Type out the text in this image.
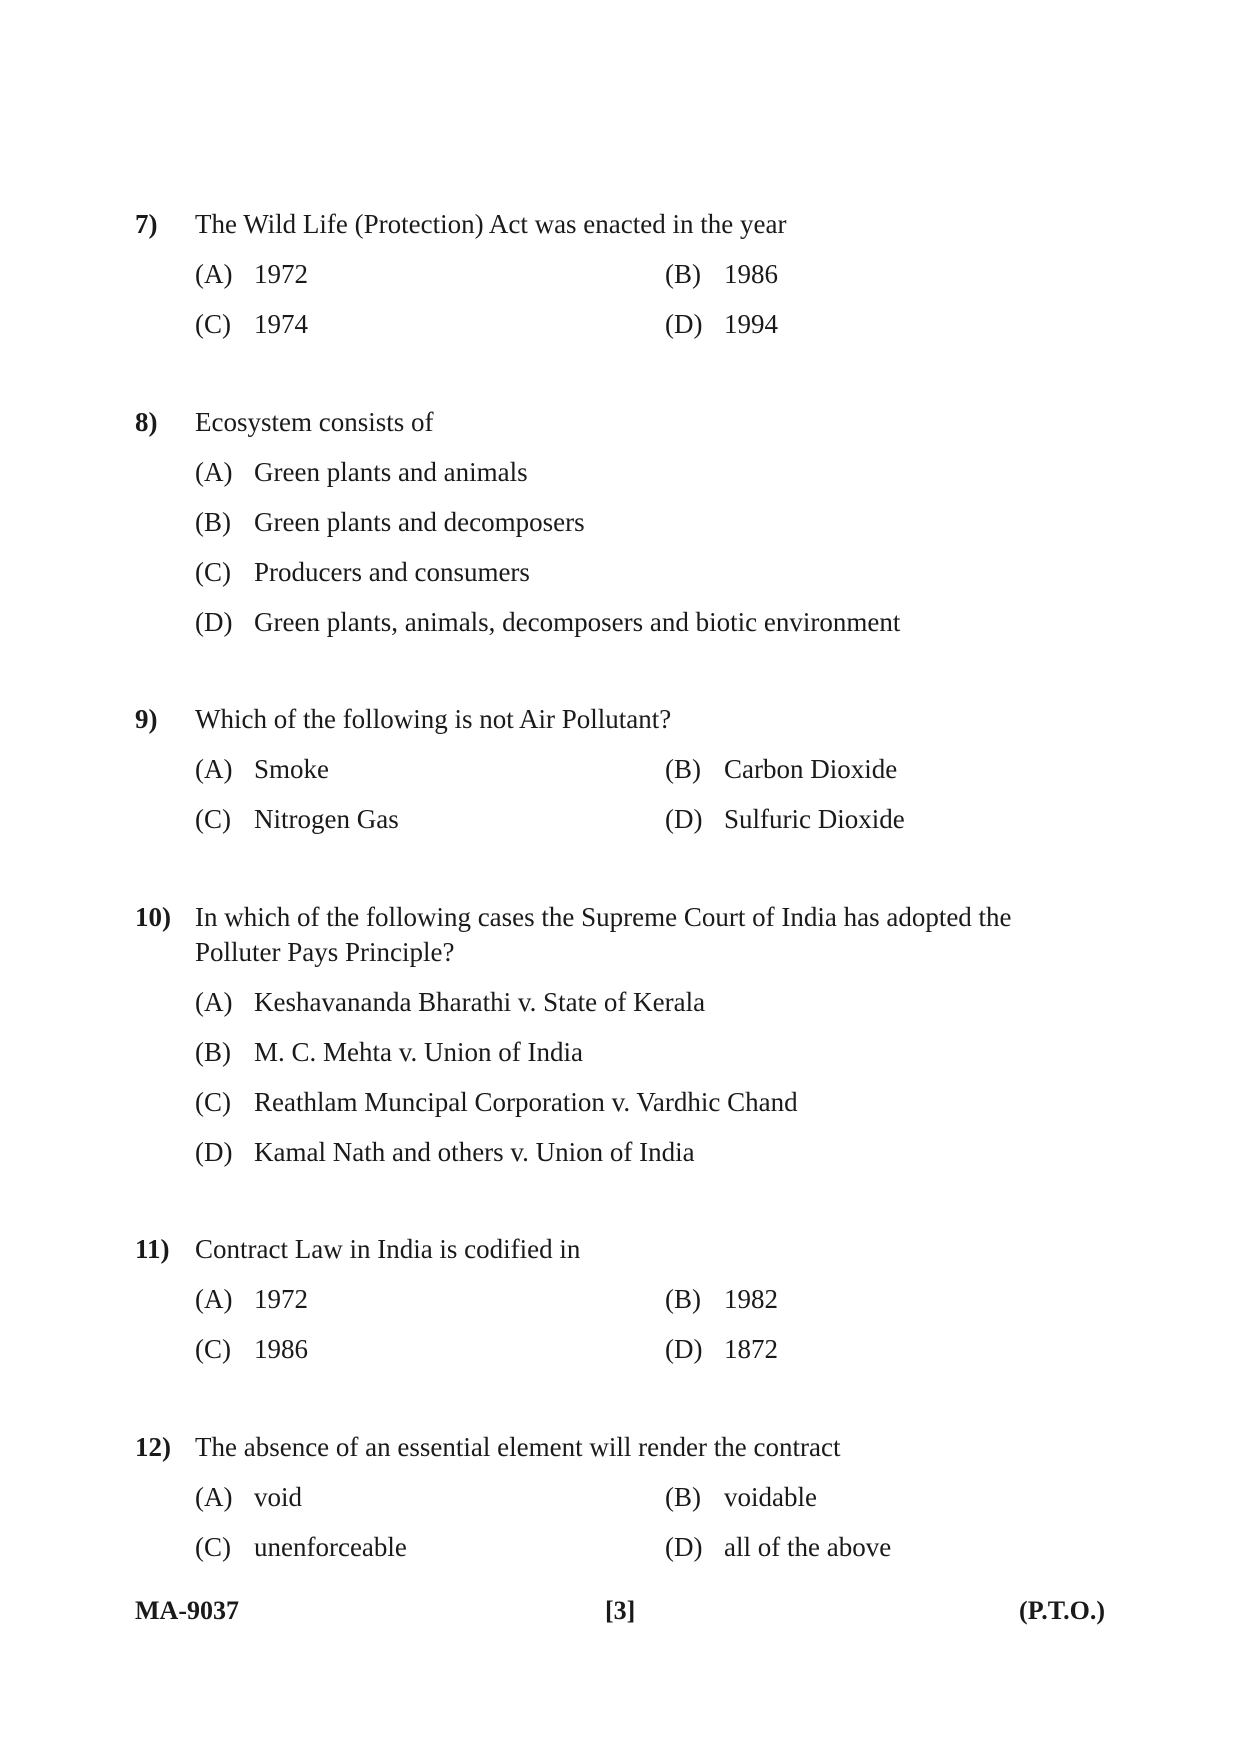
7) The Wild Life (Protection) Act was enacted in the year
(A) 1972	(B) 1986
(C) 1974	(D) 1994
8) Ecosystem consists of
(A) Green plants and animals
(B) Green plants and decomposers
(C) Producers and consumers
(D) Green plants, animals, decomposers and biotic environment
9) Which of the following is not Air Pollutant?
(A) Smoke	(B) Carbon Dioxide
(C) Nitrogen Gas	(D) Sulfuric Dioxide
10) In which of the following cases the Supreme Court of India has adopted the Polluter Pays Principle?
(A) Keshavananda Bharathi v. State of Kerala
(B) M. C. Mehta v. Union of India
(C) Reathlam Muncipal Corporation v. Vardhic Chand
(D) Kamal Nath and others v. Union of India
11) Contract Law in India is codified in
(A) 1972	(B) 1982
(C) 1986	(D) 1872
12) The absence of an essential element will render the contract
(A) void	(B) voidable
(C) unenforceable	(D) all of the above
MA-9037	[3]	(P.T.O.)
